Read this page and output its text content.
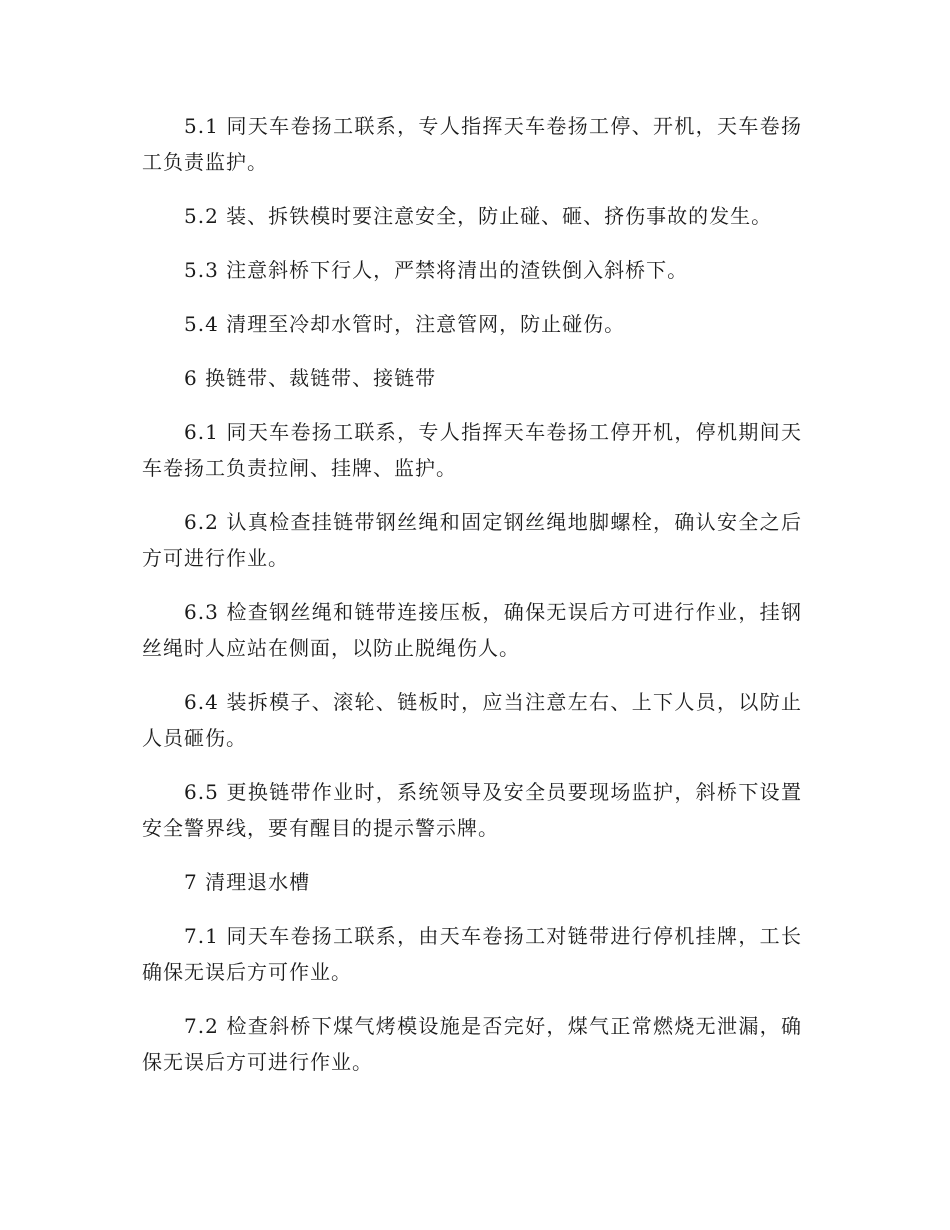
5.1 同天车卷扬工联系，专人指挥天车卷扬工停、开机，天车卷扬工负责监护。

5.2 装、拆铁模时要注意安全，防止碰、砸、挤伤事故的发生。

5.3 注意斜桥下行人，严禁将清出的渣铁倒入斜桥下。

5.4 清理至冷却水管时，注意管网，防止碰伤。

6 换链带、裁链带、接链带

6.1 同天车卷扬工联系，专人指挥天车卷扬工停开机，停机期间天车卷扬工负责拉闸、挂牌、监护。

6.2 认真检查挂链带钢丝绳和固定钢丝绳地脚螺栓，确认安全之后方可进行作业。

6.3 检查钢丝绳和链带连接压板，确保无误后方可进行作业，挂钢丝绳时人应站在侧面，以防止脱绳伤人。

6.4 装拆模子、滚轮、链板时，应当注意左右、上下人员，以防止人员砸伤。

6.5 更换链带作业时，系统领导及安全员要现场监护，斜桥下设置安全警界线，要有醒目的提示警示牌。

7 清理退水槽

7.1 同天车卷扬工联系，由天车卷扬工对链带进行停机挂牌，工长确保无误后方可作业。

7.2 检查斜桥下煤气烤模设施是否完好，煤气正常燃烧无泄漏，确保无误后方可进行作业。
